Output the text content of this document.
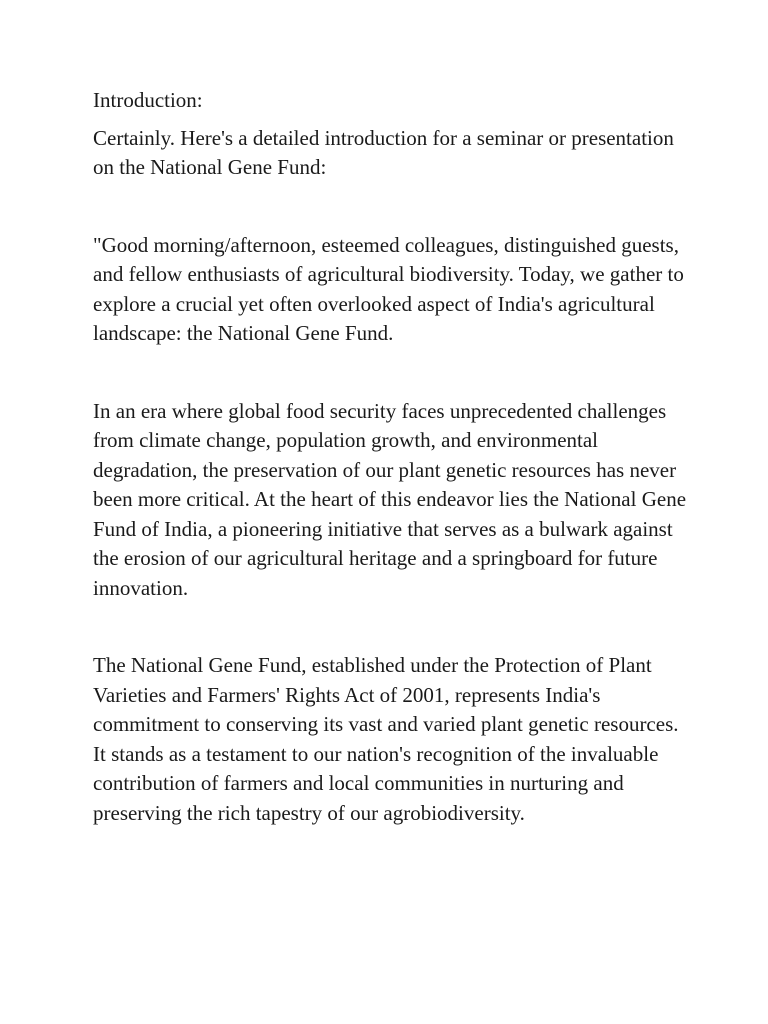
Introduction:

Certainly. Here's a detailed introduction for a seminar or presentation on the National Gene Fund:

"Good morning/afternoon, esteemed colleagues, distinguished guests, and fellow enthusiasts of agricultural biodiversity. Today, we gather to explore a crucial yet often overlooked aspect of India's agricultural landscape: the National Gene Fund.

In an era where global food security faces unprecedented challenges from climate change, population growth, and environmental degradation, the preservation of our plant genetic resources has never been more critical. At the heart of this endeavor lies the National Gene Fund of India, a pioneering initiative that serves as a bulwark against the erosion of our agricultural heritage and a springboard for future innovation.

The National Gene Fund, established under the Protection of Plant Varieties and Farmers' Rights Act of 2001, represents India's commitment to conserving its vast and varied plant genetic resources. It stands as a testament to our nation's recognition of the invaluable contribution of farmers and local communities in nurturing and preserving the rich tapestry of our agrobiodiversity.
